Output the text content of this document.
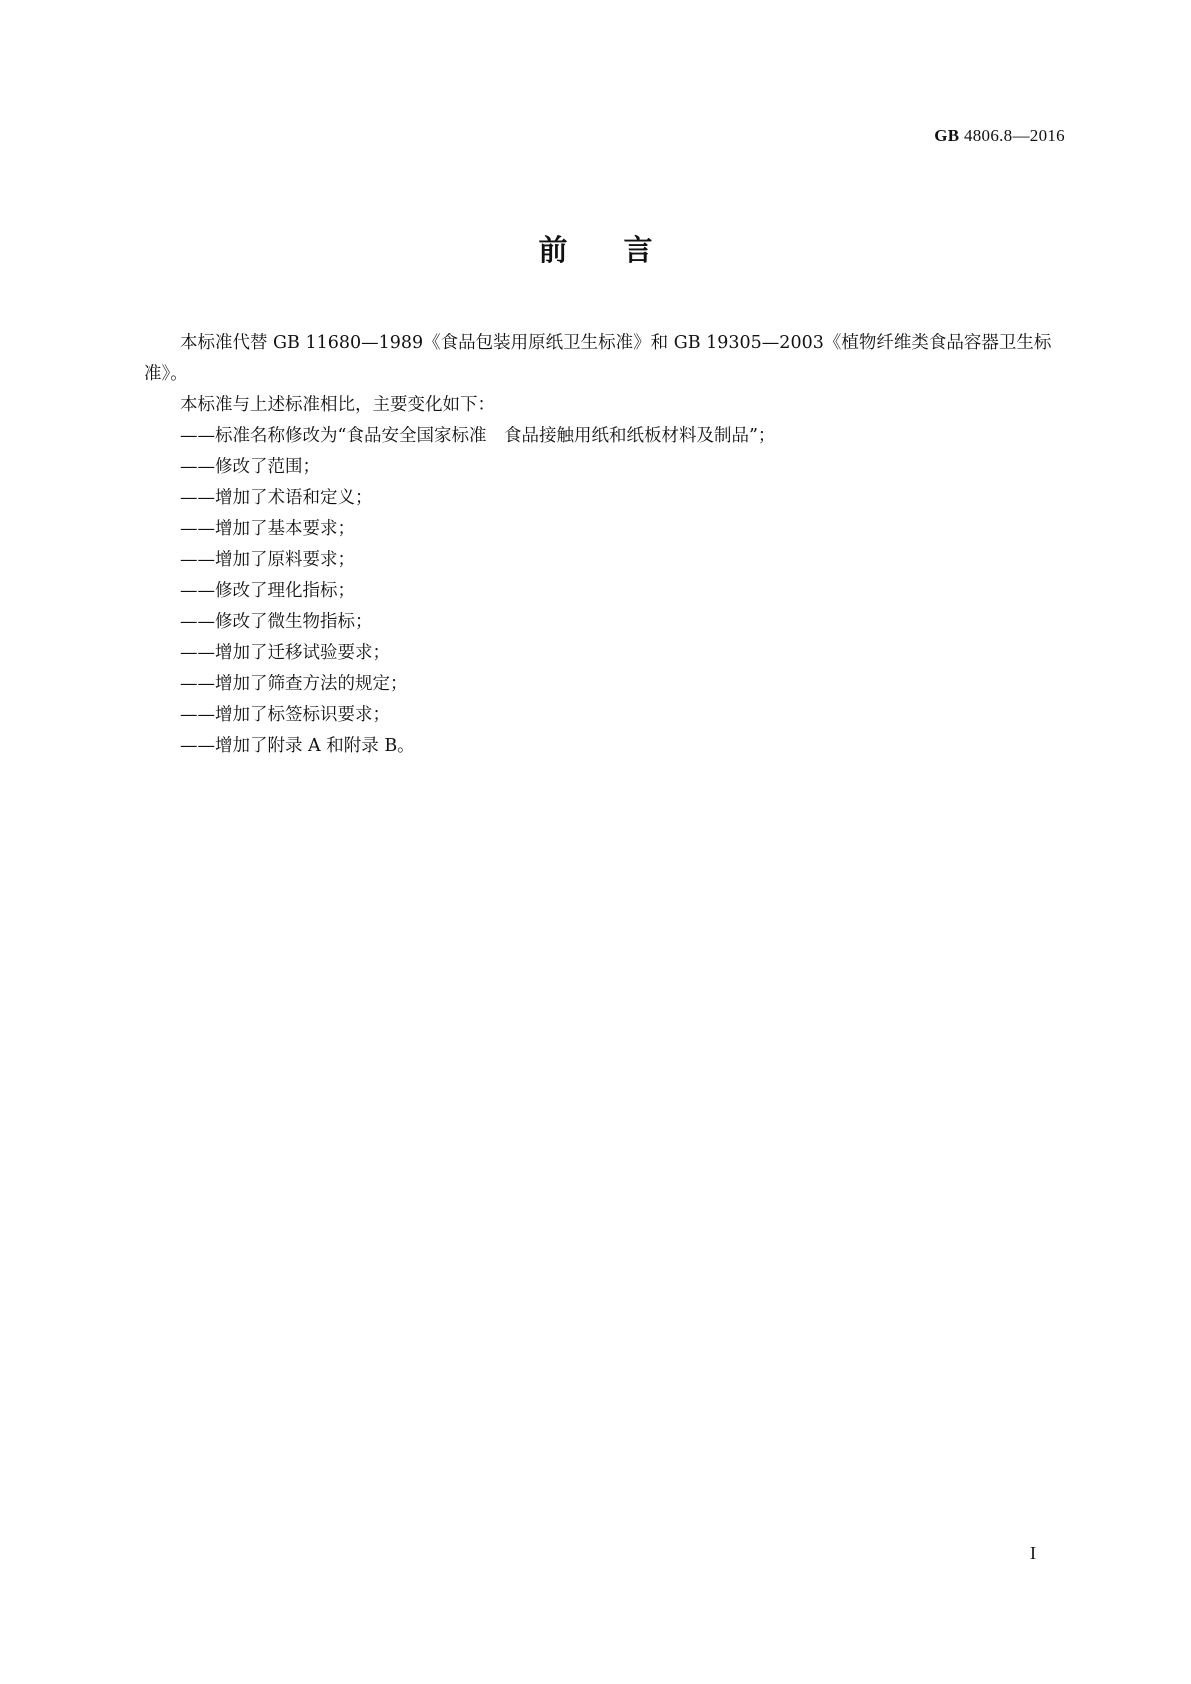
GB 4806.8—2016
前言

本标准代替 GB 11680—1989《食品包装用原纸卫生标准》和 GB 19305—2003《植物纤维类食品容器卫生标准》。

本标准与上述标准相比，主要变化如下：

——标准名称修改为“食品安全国家标准　食品接触用纸和纸板材料及制品”；
——修改了范围；
——增加了术语和定义；
——增加了基本要求；
——增加了原料要求；
——修改了理化指标；
——修改了微生物指标；
——增加了迁移试验要求；
——增加了筛查方法的规定；
——增加了标签标识要求；
——增加了附录 A 和附录 B。
I
